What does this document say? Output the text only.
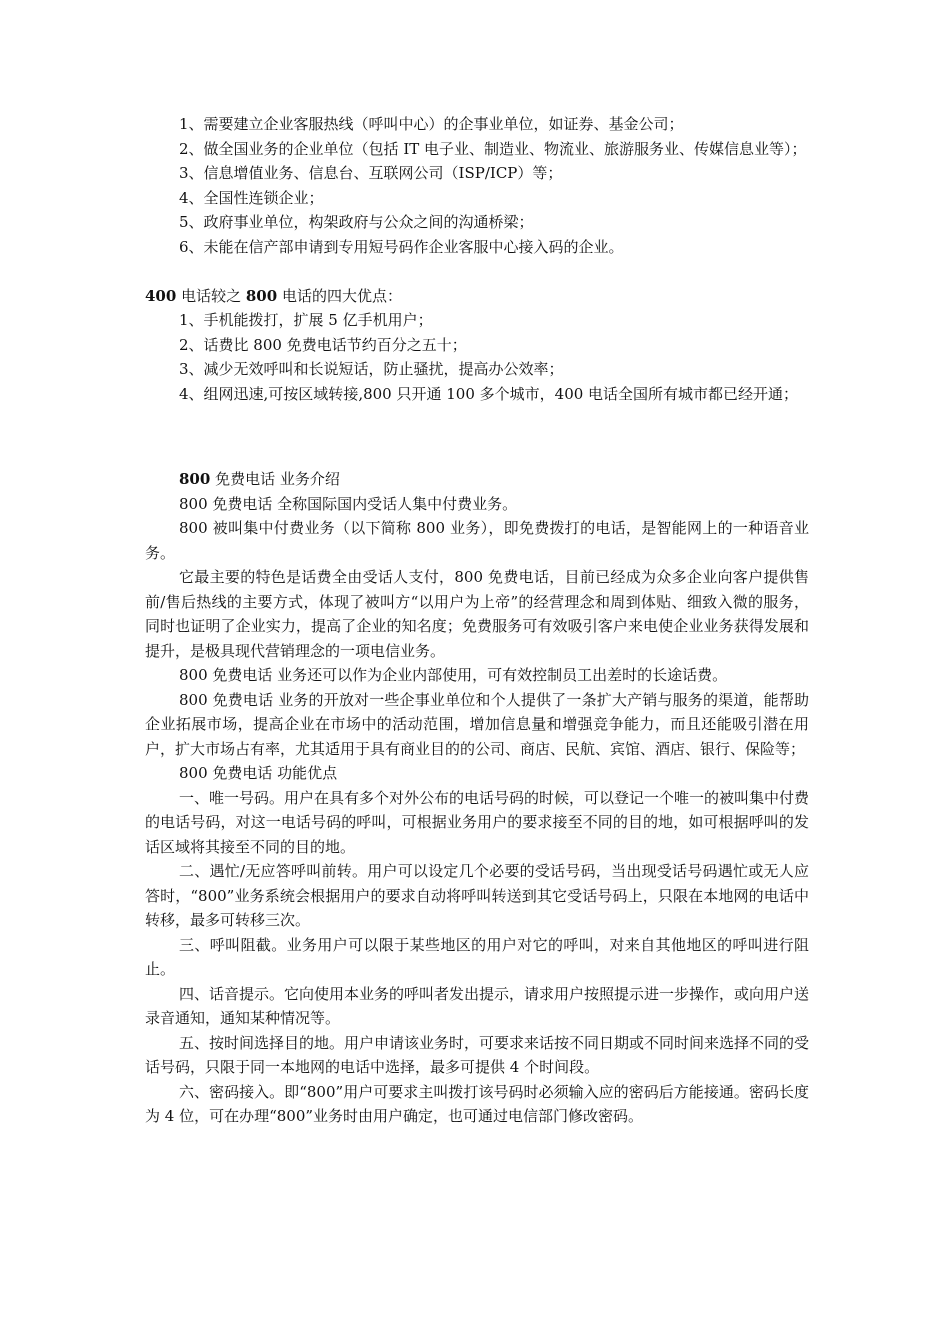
1、需要建立企业客服热线（呼叫中心）的企事业单位，如证券、基金公司；

2、做全国业务的企业单位（包括 IT 电子业、制造业、物流业、旅游服务业、传媒信息业等）；

3、信息增值业务、信息台、互联网公司（ISP/ICP）等；

4、全国性连锁企业；

5、政府事业单位，构架政府与公众之间的沟通桥梁；

6、未能在信产部申请到专用短号码作企业客服中心接入码的企业。

400 电话较之 800 电话的四大优点：

1、手机能拨打，扩展 5 亿手机用户；

2、话费比 800 免费电话节约百分之五十；

3、减少无效呼叫和长说短话，防止骚扰，提高办公效率；

4、组网迅速,可按区域转接,800 只开通 100 多个城市，400 电话全国所有城市都已经开通；

800 免费电话 业务介绍

800 免费电话 全称国际国内受话人集中付费业务。

800 被叫集中付费业务（以下简称 800 业务），即免费拨打的电话，是智能网上的一种语音业务。

它最主要的特色是话费全由受话人支付，800 免费电话，目前已经成为众多企业向客户提供售前/售后热线的主要方式，体现了被叫方“以用户为上帝”的经营理念和周到体贴、细致入微的服务，同时也证明了企业实力，提高了企业的知名度；免费服务可有效吸引客户来电使企业业务获得发展和提升，是极具现代营销理念的一项电信业务。

800 免费电话 业务还可以作为企业内部使用，可有效控制员工出差时的长途话费。

800 免费电话 业务的开放对一些企事业单位和个人提供了一条扩大产销与服务的渠道，能帮助企业拓展市场，提高企业在市场中的活动范围，增加信息量和增强竞争能力，而且还能吸引潜在用户，扩大市场占有率，尤其适用于具有商业目的的公司、商店、民航、宾馆、酒店、银行、保险等；

800 免费电话 功能优点

一、唯一号码。用户在具有多个对外公布的电话号码的时候，可以登记一个唯一的被叫集中付费的电话号码，对这一电话号码的呼叫，可根据业务用户的要求接至不同的目的地，如可根据呼叫的发话区域将其接至不同的目的地。

二、遇忙/无应答呼叫前转。用户可以设定几个必要的受话号码，当出现受话号码遇忙或无人应答时，“800”业务系统会根据用户的要求自动将呼叫转送到其它受话号码上，只限在本地网的电话中转移，最多可转移三次。

三、呼叫阻截。业务用户可以限于某些地区的用户对它的呼叫，对来自其他地区的呼叫进行阻止。

四、话音提示。它向使用本业务的呼叫者发出提示，请求用户按照提示进一步操作，或向用户送录音通知，通知某种情况等。

五、按时间选择目的地。用户申请该业务时，可要求来话按不同日期或不同时间来选择不同的受话号码，只限于同一本地网的电话中选择，最多可提供 4 个时间段。

六、密码接入。即“800”用户可要求主叫拨打该号码时必须输入应的密码后方能接通。密码长度为 4 位，可在办理“800”业务时由用户确定，也可通过电信部门修改密码。
